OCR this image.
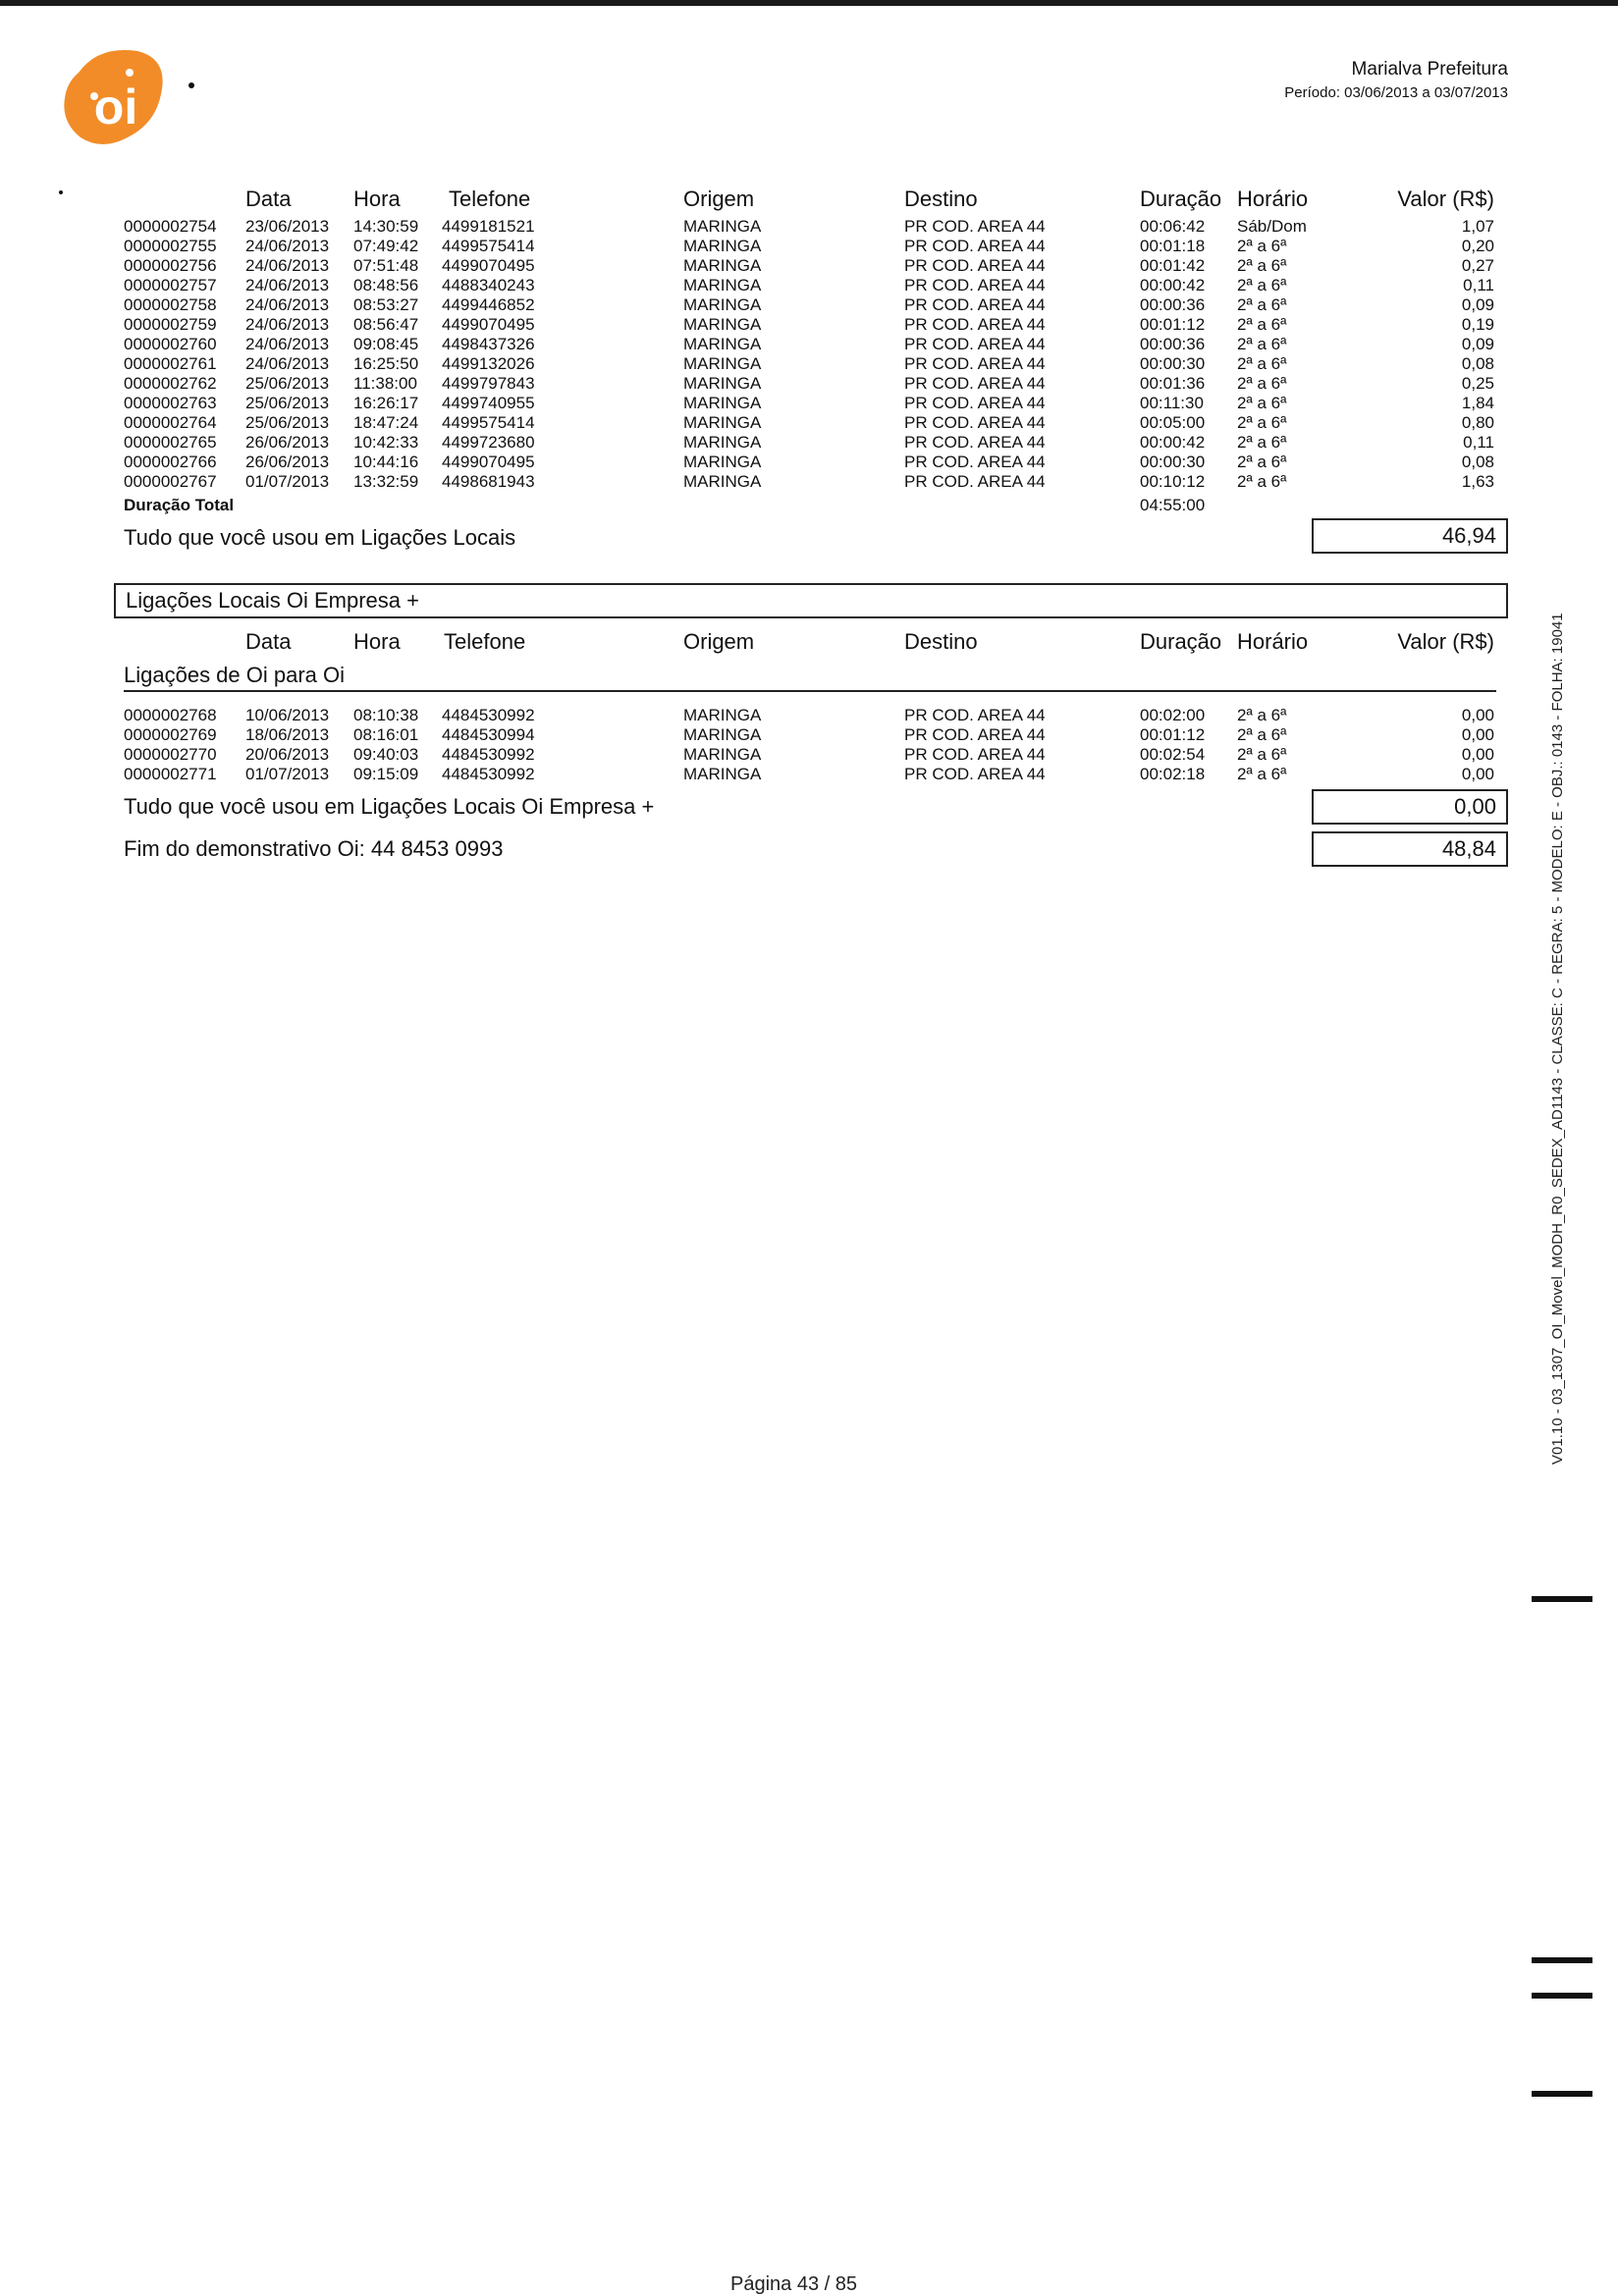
oi
Marialva Prefeitura
Período: 03/06/2013 a 03/07/2013
Data	Hora Telefone	Origem	Destino	Duração Horário	Valor (R$)
0000002754 23/06/2013 14:30:59 4499181521	MARINGA	PR COD. AREA 44	00:06:42 Sáb/Dom	1,07
0000002755 24/06/2013 07:49:42 4499575414	MARINGA	PR COD. AREA 44	00:01:18 2ª a 6ª	0,20
0000002756 24/06/2013 07:51:48 4499070495	MARINGA	PR COD. AREA 44	00:01:42 2ª a 6ª	0,27
0000002757 24/06/2013 08:48:56 4488340243	MARINGA	PR COD. AREA 44	00:00:42 2ª a 6ª	0,11
0000002758 24/06/2013 08:53:27 4499446852	MARINGA	PR COD. AREA 44	00:00:36 2ª a 6ª	0,09
0000002759 24/06/2013 08:56:47 4499070495	MARINGA	PR COD. AREA 44	00:01:12 2ª a 6ª	0,19
0000002760 24/06/2013 09:08:45 4498437326	MARINGA	PR COD. AREA 44	00:00:36 2ª a 6ª	0,09
0000002761 24/06/2013 16:25:50 4499132026	MARINGA	PR COD. AREA 44	00:00:30 2ª a 6ª	0,08
0000002762 25/06/2013 11:38:00 4499797843	MARINGA	PR COD. AREA 44	00:01:36 2ª a 6ª	0,25
0000002763 25/06/2013 16:26:17 4499740955	MARINGA	PR COD. AREA 44	00:11:30 2ª a 6ª	1,84
0000002764 25/06/2013 18:47:24 4499575414	MARINGA	PR COD. AREA 44	00:05:00 2ª a 6ª	0,80
0000002765 26/06/2013 10:42:33 4499723680	MARINGA	PR COD. AREA 44	00:00:42 2ª a 6ª	0,11
0000002766 26/06/2013 10:44:16 4499070495	MARINGA	PR COD. AREA 44	00:00:30 2ª a 6ª	0,08
0000002767 01/07/2013 13:32:59 4498681943	MARINGA	PR COD. AREA 44	00:10:12 2ª a 6ª	1,63
Duração Total	04:55:00
Tudo que você usou em Ligações Locais	46,94
Ligações Locais Oi Empresa +
Data	Hora Telefone	Origem	Destino	Duração Horário	Valor (R$)
Ligações de Oi para Oi
0000002768 10/06/2013 08:10:38 4484530992	MARINGA	PR COD. AREA 44	00:02:00 2ª a 6ª	0,00
0000002769 18/06/2013 08:16:01 4484530994	MARINGA	PR COD. AREA 44	00:01:12 2ª a 6ª	0,00
0000002770 20/06/2013 09:40:03 4484530992	MARINGA	PR COD. AREA 44	00:02:54 2ª a 6ª	0,00
0000002771 01/07/2013 09:15:09 4484530992	MARINGA	PR COD. AREA 44	00:02:18 2ª a 6ª	0,00
Tudo que você usou em Ligações Locais Oi Empresa +	0,00
Fim do demonstrativo Oi: 44 8453 0993	48,84	V01.10 - 03_1307_OI_Movel_MODH_R0_SEDEX_AD1143 - CLASSE: C - REGRA: 5 - MODELO: E - OBJ.: 0143 - FOLHA: 19041
Página 43 / 85
